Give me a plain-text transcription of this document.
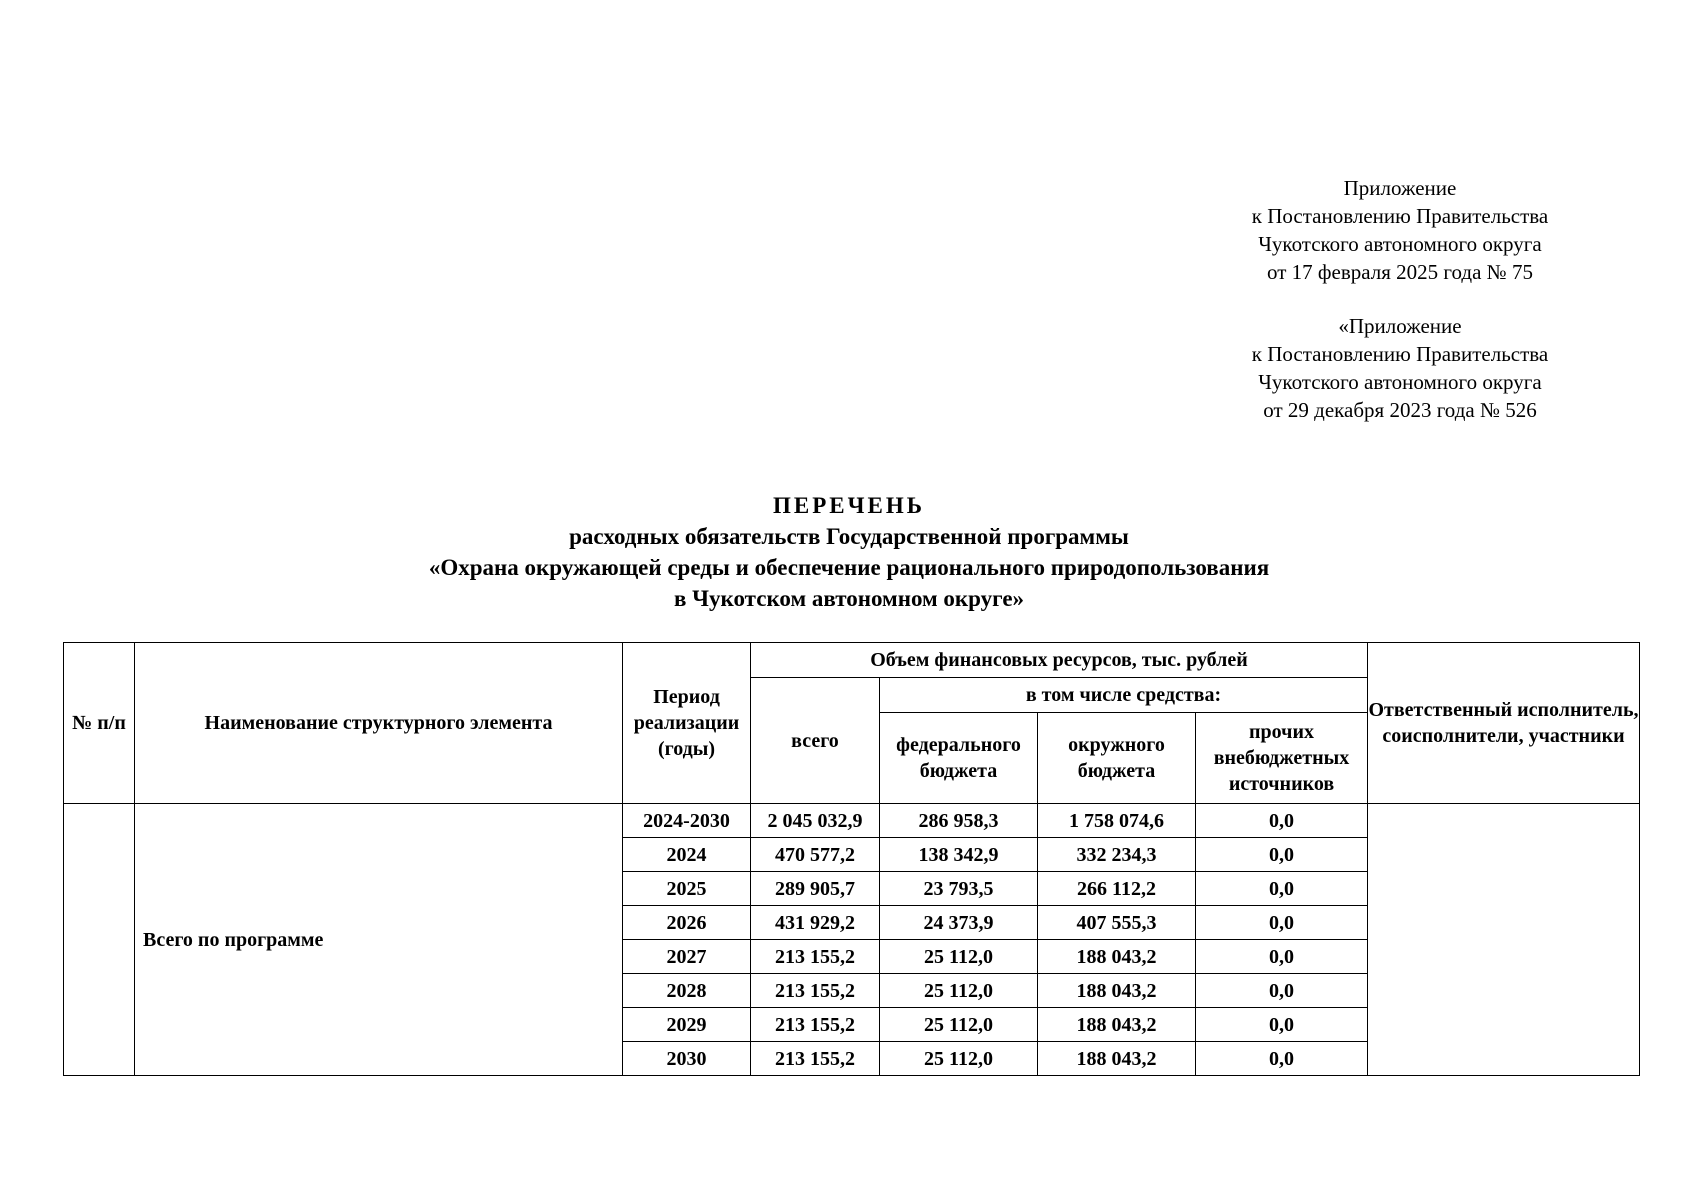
Приложение
к Постановлению Правительства
Чукотского автономного округа
от 17 февраля 2025 года № 75
«Приложение
к Постановлению Правительства
Чукотского автономного округа
от 29 декабря 2023 года № 526
ПЕРЕЧЕНЬ
расходных обязательств Государственной программы
«Охрана окружающей среды и обеспечение рационального природопользования
в Чукотском автономном округе»
№ п/п	Наименование структурного элемента	Период реализации (годы)	Объем финансовых ресурсов, тыс. рублей				Ответственный исполнитель, соисполнители, участники
			всего	в том числе средства:			
				федерального бюджета	окружного бюджета	прочих внебюджетных источников	
	Всего по программе	2024-2030	2 045 032,9	286 958,3	1 758 074,6	0,0	
		2024	470 577,2	138 342,9	332 234,3	0,0	
		2025	289 905,7	23 793,5	266 112,2	0,0	
		2026	431 929,2	24 373,9	407 555,3	0,0	
		2027	213 155,2	25 112,0	188 043,2	0,0	
		2028	213 155,2	25 112,0	188 043,2	0,0	
		2029	213 155,2	25 112,0	188 043,2	0,0	
		2030	213 155,2	25 112,0	188 043,2	0,0	
